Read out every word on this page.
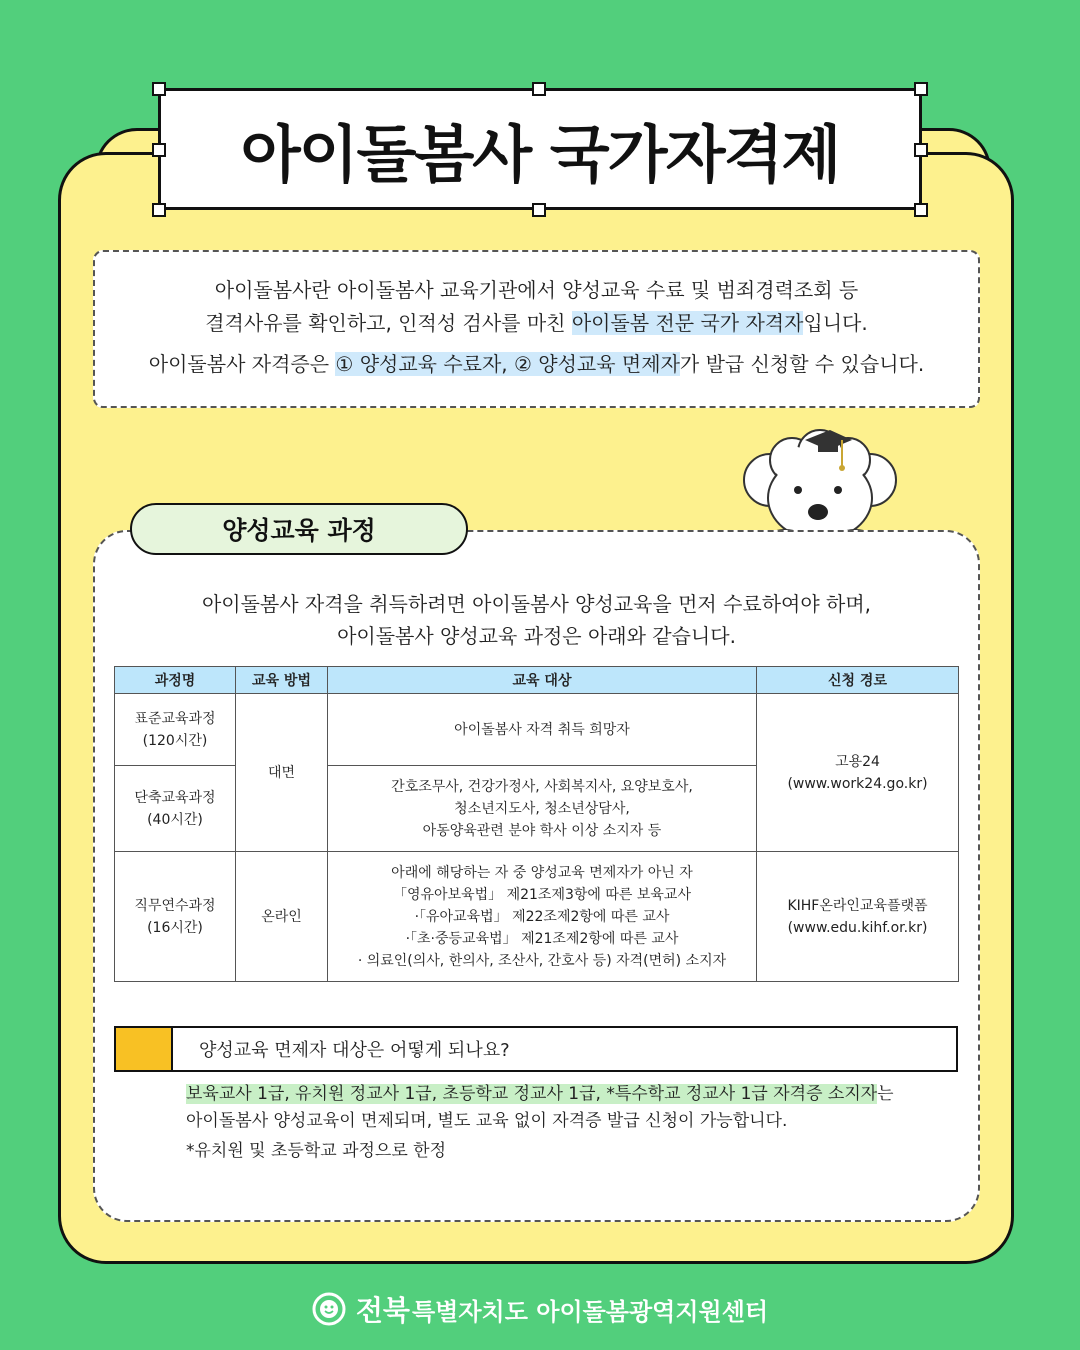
아이돌봄사 국가자격제

아이돌봄사란 아이돌봄사 교육기관에서 양성교육 수료 및 범죄경력조회 등

결격사유를 확인하고, 인적성 검사를 마친 아이돌봄 전문 국가 자격자입니다.

아이돌봄사 자격증은 ① 양성교육 수료자, ② 양성교육 면제자가 발급 신청할 수 있습니다.

양성교육 과정

아이돌봄사 자격을 취득하려면 아이돌봄사 양성교육을 먼저 수료하여야 하며,

아이돌봄사 양성교육 과정은 아래와 같습니다.

과정명	교육 방법	교육 대상	신청 경로

표준교육과정
(120시간)	대면	아이돌봄사 자격 취득 희망자	고용24
(www.work24.go.kr)

단축교육과정
(40시간)		간호조무사, 건강가정사, 사회복지사, 요양보호사,
청소년지도사, 청소년상담사,
아동양육관련 분야 학사 이상 소지자 등	

직무연수과정
(16시간)	온라인	아래에 해당하는 자 중 양성교육 면제자가 아닌 자
「영유아보육법」 제21조제3항에 따른 보육교사
·「유아교육법」 제22조제2항에 따른 교사
·「초·중등교육법」 제21조제2항에 따른 교사
· 의료인(의사, 한의사, 조산사, 간호사 등) 자격(면허) 소지자	KIHF온라인교육플랫폼
(www.edu.kihf.or.kr)
양성교육 면제자 대상은 어떻게 되나요?

보육교사 1급, 유치원 정교사 1급, 초등학교 정교사 1급, *특수학교 정교사 1급 자격증 소지자는

아이돌봄사 양성교육이 면제되며, 별도 교육 없이 자격증 발급 신청이 가능합니다.

*유치원 및 초등학교 과정으로 한정

전북 특별자치도 아이돌봄광역지원센터
